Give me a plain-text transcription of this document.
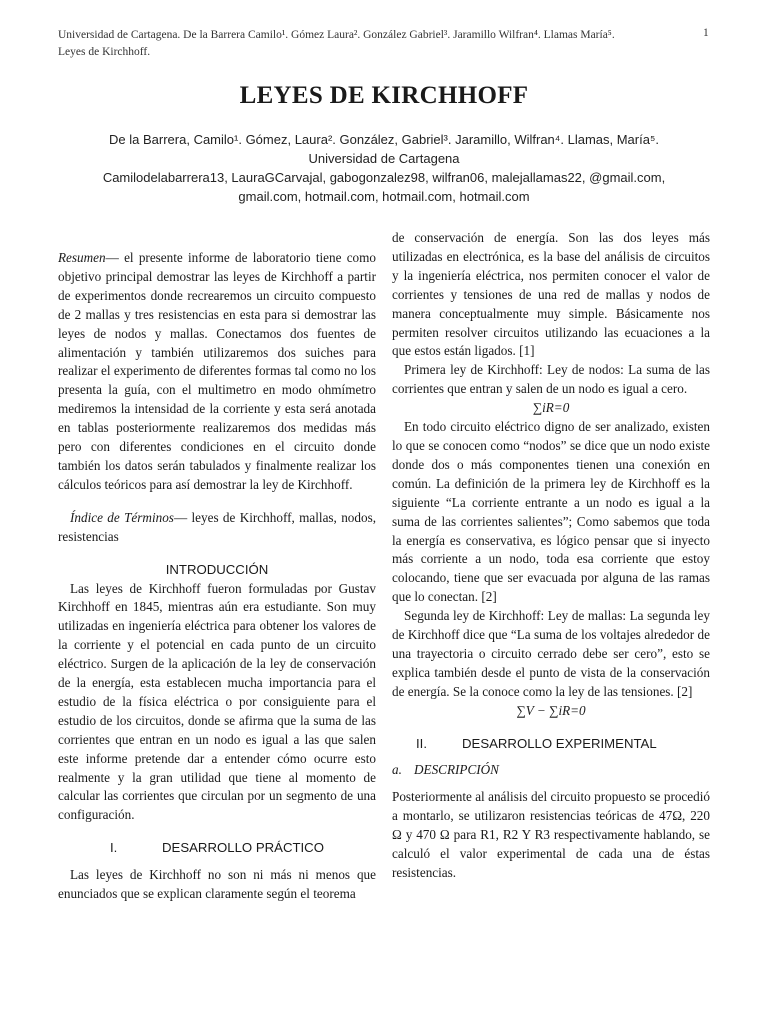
Universidad de Cartagena. De la Barrera Camilo¹. Gómez Laura². González Gabriel³. Jaramillo Wilfran⁴. Llamas María⁵.
Leyes de Kirchhoff.
1
LEYES DE KIRCHHOFF
De la Barrera, Camilo¹. Gómez, Laura². González, Gabriel³. Jaramillo, Wilfran⁴. Llamas, María⁵.
Universidad de Cartagena
Camilodelabarrera13, LauraGCarvajal, gabogonzalez98, wilfran06, malejallamas22, @gmail.com,
gmail.com, hotmail.com, hotmail.com, hotmail.com

Resumen— el presente informe de laboratorio tiene como objetivo principal demostrar las leyes de Kirchhoff a partir de experimentos donde recrearemos un circuito compuesto de 2 mallas y tres resistencias en esta para si demostrar las leyes de nodos y mallas. Conectamos dos fuentes de alimentación y también utilizaremos dos suiches para realizar el experimento de diferentes formas tal como no los presenta la guía, con el multimetro en modo ohmímetro mediremos la intensidad de la corriente y esta será anotada en tablas posteriormente realizaremos dos medidas más pero con diferentes condiciones en el circuito donde también los datos serán tabulados y finalmente realizar los cálculos teóricos para así demostrar la ley de Kirchhoff.

Índice de Términos— leyes de Kirchhoff, mallas, nodos, resistencias

INTRODUCCIÓN

Las leyes de Kirchhoff fueron formuladas por Gustav Kirchhoff en 1845, mientras aún era estudiante. Son muy utilizadas en ingeniería eléctrica para obtener los valores de la corriente y el potencial en cada punto de un circuito eléctrico. Surgen de la aplicación de la ley de conservación de la energía, esta establecen mucha importancia para el estudio de la física eléctrica o por consiguiente para el estudio de los circuitos, donde se afirma que la suma de las corrientes que entran en un nodo es igual a las que salen este informe pretende dar a entender cómo ocurre esto realmente y la gran utilidad que tiene al momento de calcular las corrientes que circulan por un segmento de una configuración.

I.	DESARROLLO PRÁCTICO

Las leyes de Kirchhoff no son ni más ni menos que enunciados que se explican claramente según el teorema

de conservación de energía. Son las dos leyes más utilizadas en electrónica, es la base del análisis de circuitos y la ingeniería eléctrica, nos permiten conocer el valor de corrientes y tensiones de una red de mallas y nodos de manera conceptualmente muy simple. Básicamente nos permiten resolver circuitos utilizando las ecuaciones a la que estos están ligados. [1]

Primera ley de Kirchhoff: Ley de nodos: La suma de las corrientes que entran y salen de un nodo es igual a cero.

∑iR=0

En todo circuito eléctrico digno de ser analizado, existen lo que se conocen como “nodos” se dice que un nodo existe donde dos o más componentes tienen una conexión en común. La definición de la primera ley de Kirchhoff es la siguiente “La corriente entrante a un nodo es igual a la suma de las corrientes salientes”; Como sabemos que toda la energía es conservativa, es lógico pensar que si inyecto más corriente a un nodo, toda esa corriente que estoy colocando, tiene que ser evacuada por alguna de las ramas que lo conectan. [2]

Segunda ley de Kirchhoff: Ley de mallas: La segunda ley de Kirchhoff dice que “La suma de los voltajes alrededor de una trayectoria o circuito cerrado debe ser cero”, esto se explica también desde el punto de vista de la conservación de energía. Se la conoce como la ley de las tensiones. [2]

∑V − ∑iR=0

II.	DESARROLLO EXPERIMENTAL

a. DESCRIPCIÓN

Posteriormente al análisis del circuito propuesto se procedió a montarlo, se utilizaron resistencias teóricas de 47Ω, 220 Ω y 470 Ω para R1, R2 Y R3 respectivamente hablando, se calculó el valor experimental de cada una de éstas resistencias.
